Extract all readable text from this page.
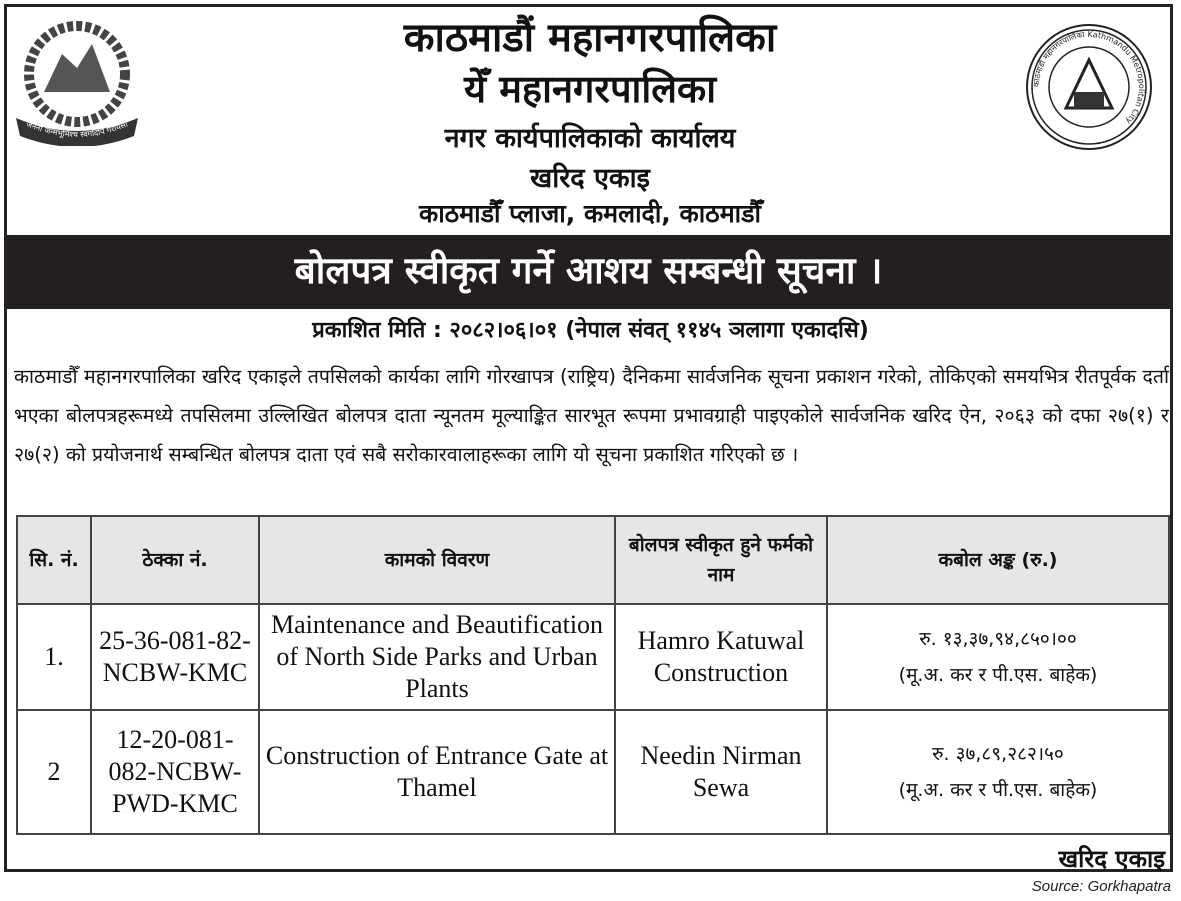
जननी जन्मभूमिश्च स्वर्गादपि गरीयसी
काठमाडौं महानगरपालिका Kathmandu Metropolitan City
काठमाडौं महानगरपालिका
येँ महानगरपालिका
नगर कार्यपालिकाको कार्यालय
खरिद एकाइ
काठमाडौँ प्लाजा, कमलादी, काठमाडौँ
बोलपत्र स्वीकृत गर्ने आशय सम्बन्धी सूचना ।
प्रकाशित मिति : २०८२।०६।०१ (नेपाल संवत् ११४५ ञलागा एकादसि)
काठमाडौँ महानगरपालिका खरिद एकाइले तपसिलको कार्यका लागि गोरखापत्र (राष्ट्रिय) दैनिकमा सार्वजनिक सूचना प्रकाशन गरेको, तोकिएको समयभित्र रीतपूर्वक दर्ता भएका बोलपत्रहरूमध्ये तपसिलमा उल्लिखित बोलपत्र दाता न्यूनतम मूल्याङ्कित सारभूत रूपमा प्रभावग्राही पाइएकोले सार्वजनिक खरिद ऐन, २०६३ को दफा २७(१) र २७(२) को प्रयोजनार्थ सम्बन्धित बोलपत्र दाता एवं सबै सरोकारवालाहरूका लागि यो सूचना प्रकाशित गरिएको छ ।
सि. नं.	ठेक्का नं.	कामको विवरण	बोलपत्र स्वीकृत हुने फर्मको नाम	कबोल अङ्क (रु.)
1.	25-36-081-82-NCBW-KMC	Maintenance and Beautification of North Side Parks and Urban Plants	Hamro Katuwal Construction	रु. १३,३७,९४,८५०।००
(मू.अ. कर र पी.एस. बाहेक)

2	12-20-081-082-NCBW-PWD-KMC	Construction of Entrance Gate at Thamel	Needin Nirman Sewa	रु. ३७,८९,२८२।५०
(मू.अ. कर र पी.एस. बाहेक)
खरिद एकाइ
Source: Gorkhapatra
